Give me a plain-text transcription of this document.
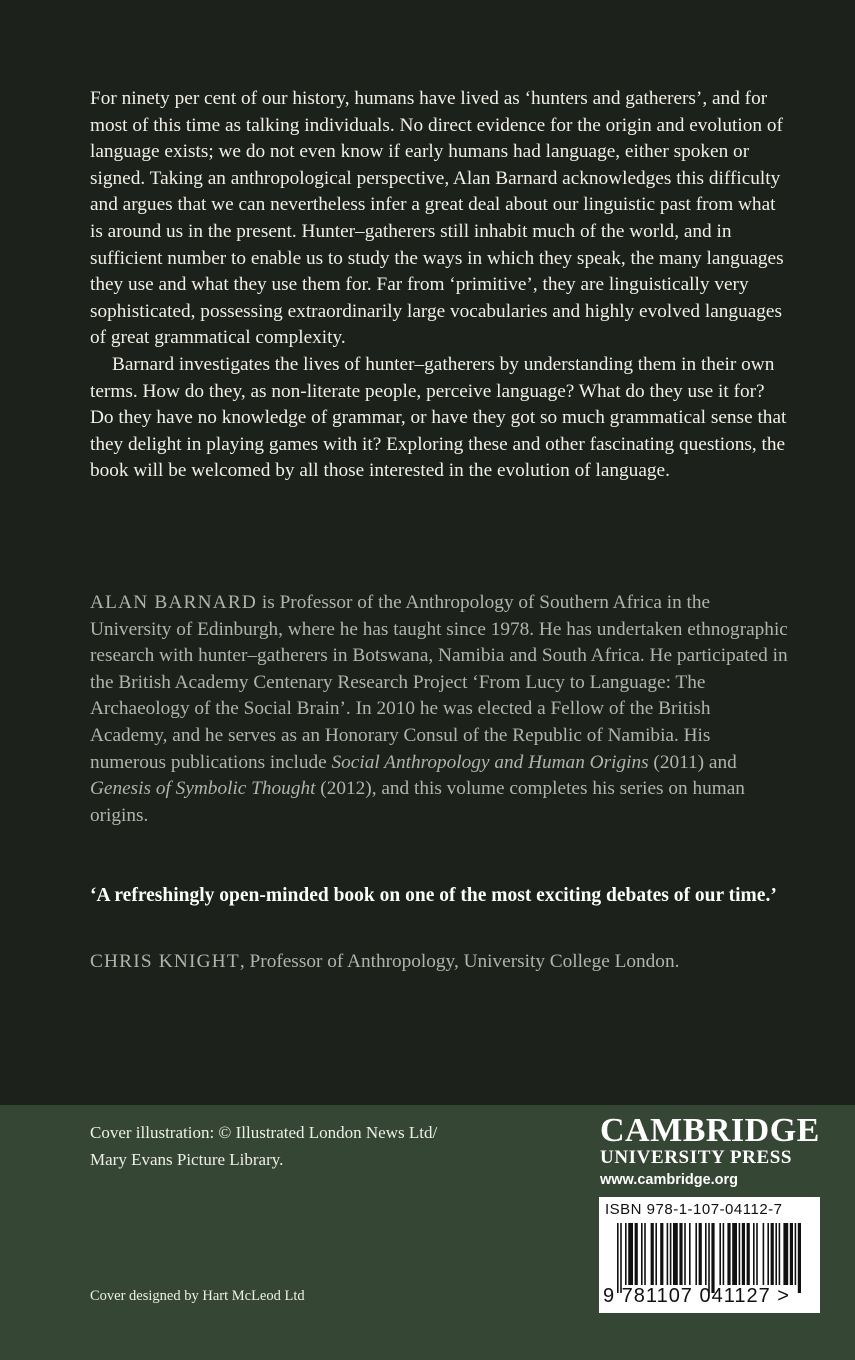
For ninety per cent of our history, humans have lived as ‘hunters and gatherers’, and for most of this time as talking individuals. No direct evidence for the origin and evolution of language exists; we do not even know if early humans had language, either spoken or signed. Taking an anthropological perspective, Alan Barnard acknowledges this difficulty and argues that we can nevertheless infer a great deal about our linguistic past from what is around us in the present. Hunter–gatherers still inhabit much of the world, and in sufficient number to enable us to study the ways in which they speak, the many languages they use and what they use them for. Far from ‘primitive’, they are linguistically very sophisticated, possessing extraordinarily large vocabularies and highly evolved languages of great grammatical complexity.

Barnard investigates the lives of hunter–gatherers by understanding them in their own terms. How do they, as non-literate people, perceive language? What do they use it for? Do they have no knowledge of grammar, or have they got so much grammatical sense that they delight in playing games with it? Exploring these and other fascinating questions, the book will be welcomed by all those interested in the evolution of language.

ALAN BARNARD is Professor of the Anthropology of Southern Africa in the University of Edinburgh, where he has taught since 1978. He has undertaken ethnographic research with hunter–gatherers in Botswana, Namibia and South Africa. He participated in the British Academy Centenary Research Project ‘From Lucy to Language: The Archaeology of the Social Brain’. In 2010 he was elected a Fellow of the British Academy, and he serves as an Honorary Consul of the Republic of Namibia. His numerous publications include Social Anthropology and Human Origins (2011) and Genesis of Symbolic Thought (2012), and this volume completes his series on human origins.

‘A refreshingly open-minded book on one of the most exciting debates of our time.’
CHRIS KNIGHT, Professor of Anthropology, University College London.
Cover illustration: © Illustrated London News Ltd/
Mary Evans Picture Library.
Cover designed by Hart McLeod Ltd
CAMBRIDGE
UNIVERSITY PRESS
www.cambridge.org
ISBN 978-1-107-04112-7
9 781107 041127 >
